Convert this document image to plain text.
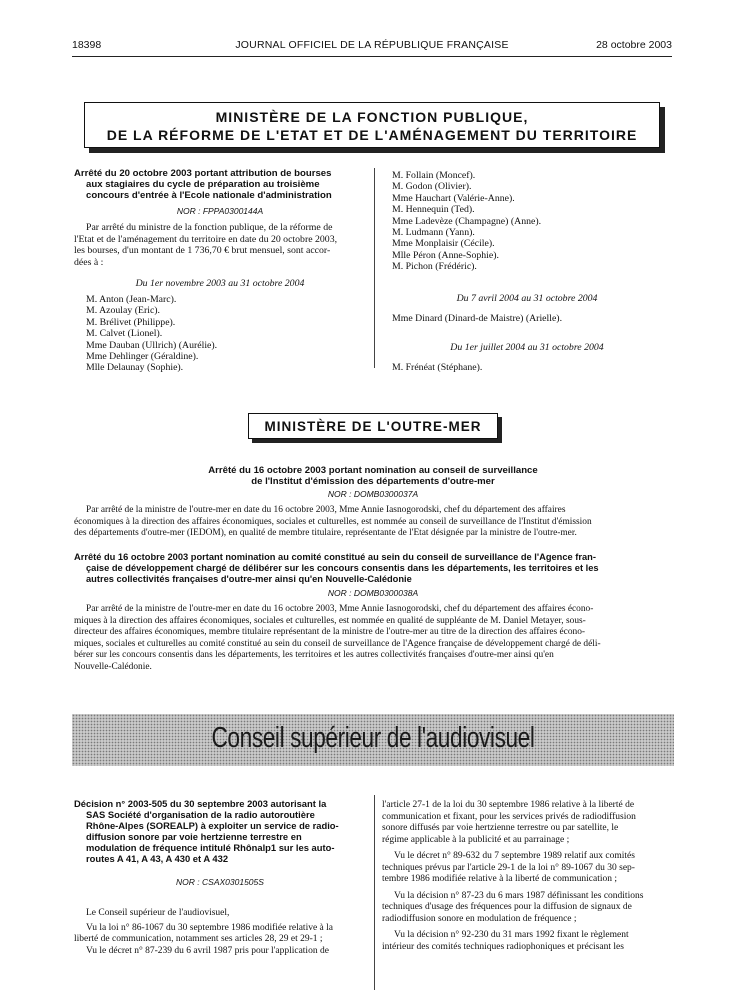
18398	JOURNAL OFFICIEL DE LA RÉPUBLIQUE FRANÇAISE	28 octobre 2003
MINISTÈRE DE LA FONCTION PUBLIQUE,
DE LA RÉFORME DE L'ETAT ET DE L'AMÉNAGEMENT DU TERRITOIRE
Arrêté du 20 octobre 2003 portant attribution de bourses
aux stagiaires du cycle de préparation au troisième
concours d'entrée à l'Ecole nationale d'administration
NOR : FPPA0300144A
Par arrêté du ministre de la fonction publique, de la réforme de
l'Etat et de l'aménagement du territoire en date du 20 octobre 2003,
les bourses, d'un montant de 1 736,70 € brut mensuel, sont accor-
dées à :
Du 1er novembre 2003 au 31 octobre 2004
M. Anton (Jean-Marc).
M. Azoulay (Eric).
M. Brélivet (Philippe).
M. Calvet (Lionel).
Mme Dauban (Ullrich) (Aurélie).
Mme Dehlinger (Géraldine).
Mlle Delaunay (Sophie).
M. Follain (Moncef).
M. Godon (Olivier).
Mme Hauchart (Valérie-Anne).
M. Hennequin (Ted).
Mme Ladevèze (Champagne) (Anne).
M. Ludmann (Yann).
Mme Monplaisir (Cécile).
Mlle Péron (Anne-Sophie).
M. Pichon (Frédéric).
Du 7 avril 2004 au 31 octobre 2004
Mme Dinard (Dinard-de Maistre) (Arielle).
Du 1er juillet 2004 au 31 octobre 2004
M. Frénéat (Stéphane).
MINISTÈRE DE L'OUTRE-MER
Arrêté du 16 octobre 2003 portant nomination au conseil de surveillance
de l'Institut d'émission des départements d'outre-mer
NOR : DOMB0300037A
Par arrêté de la ministre de l'outre-mer en date du 16 octobre 2003, Mme Annie Iasnogorodski, chef du département des affaires
économiques à la direction des affaires économiques, sociales et culturelles, est nommée au conseil de surveillance de l'Institut d'émission
des départements d'outre-mer (IEDOM), en qualité de membre titulaire, représentante de l'Etat désignée par la ministre de l'outre-mer.
Arrêté du 16 octobre 2003 portant nomination au comité constitué au sein du conseil de surveillance de l'Agence fran-
çaise de développement chargé de délibérer sur les concours consentis dans les départements, les territoires et les
autres collectivités françaises d'outre-mer ainsi qu'en Nouvelle-Calédonie
NOR : DOMB0300038A
Par arrêté de la ministre de l'outre-mer en date du 16 octobre 2003, Mme Annie Iasnogorodski, chef du département des affaires écono-
miques à la direction des affaires économiques, sociales et culturelles, est nommée en qualité de suppléante de M. Daniel Metayer, sous-
directeur des affaires économiques, membre titulaire représentant de la ministre de l'outre-mer au titre de la direction des affaires écono-
miques, sociales et culturelles au comité constitué au sein du conseil de surveillance de l'Agence française de développement chargé de déli-
bérer sur les concours consentis dans les départements, les territoires et les autres collectivités françaises d'outre-mer ainsi qu'en
Nouvelle-Calédonie.
Conseil supérieur de l'audiovisuel
Décision n° 2003-505 du 30 septembre 2003 autorisant la
SAS Société d'organisation de la radio autoroutière
Rhône-Alpes (SOREALP) à exploiter un service de radio-
diffusion sonore par voie hertzienne terrestre en
modulation de fréquence intitulé Rhônalp1 sur les auto-
routes A 41, A 43, A 430 et A 432
NOR : CSAX0301505S
Le Conseil supérieur de l'audiovisuel,
Vu la loi n° 86-1067 du 30 septembre 1986 modifiée relative à la
liberté de communication, notamment ses articles 28, 29 et 29-1 ;
Vu le décret n° 87-239 du 6 avril 1987 pris pour l'application de
l'article 27-1 de la loi du 30 septembre 1986 relative à la liberté de
communication et fixant, pour les services privés de radiodiffusion
sonore diffusés par voie hertzienne terrestre ou par satellite, le
régime applicable à la publicité et au parrainage ;
Vu le décret n° 89-632 du 7 septembre 1989 relatif aux comités
techniques prévus par l'article 29-1 de la loi n° 89-1067 du 30 sep-
tembre 1986 modifiée relative à la liberté de communication ;
Vu la décision n° 87-23 du 6 mars 1987 définissant les conditions
techniques d'usage des fréquences pour la diffusion de signaux de
radiodiffusion sonore en modulation de fréquence ;
Vu la décision n° 92-230 du 31 mars 1992 fixant le règlement
intérieur des comités techniques radiophoniques et précisant les
